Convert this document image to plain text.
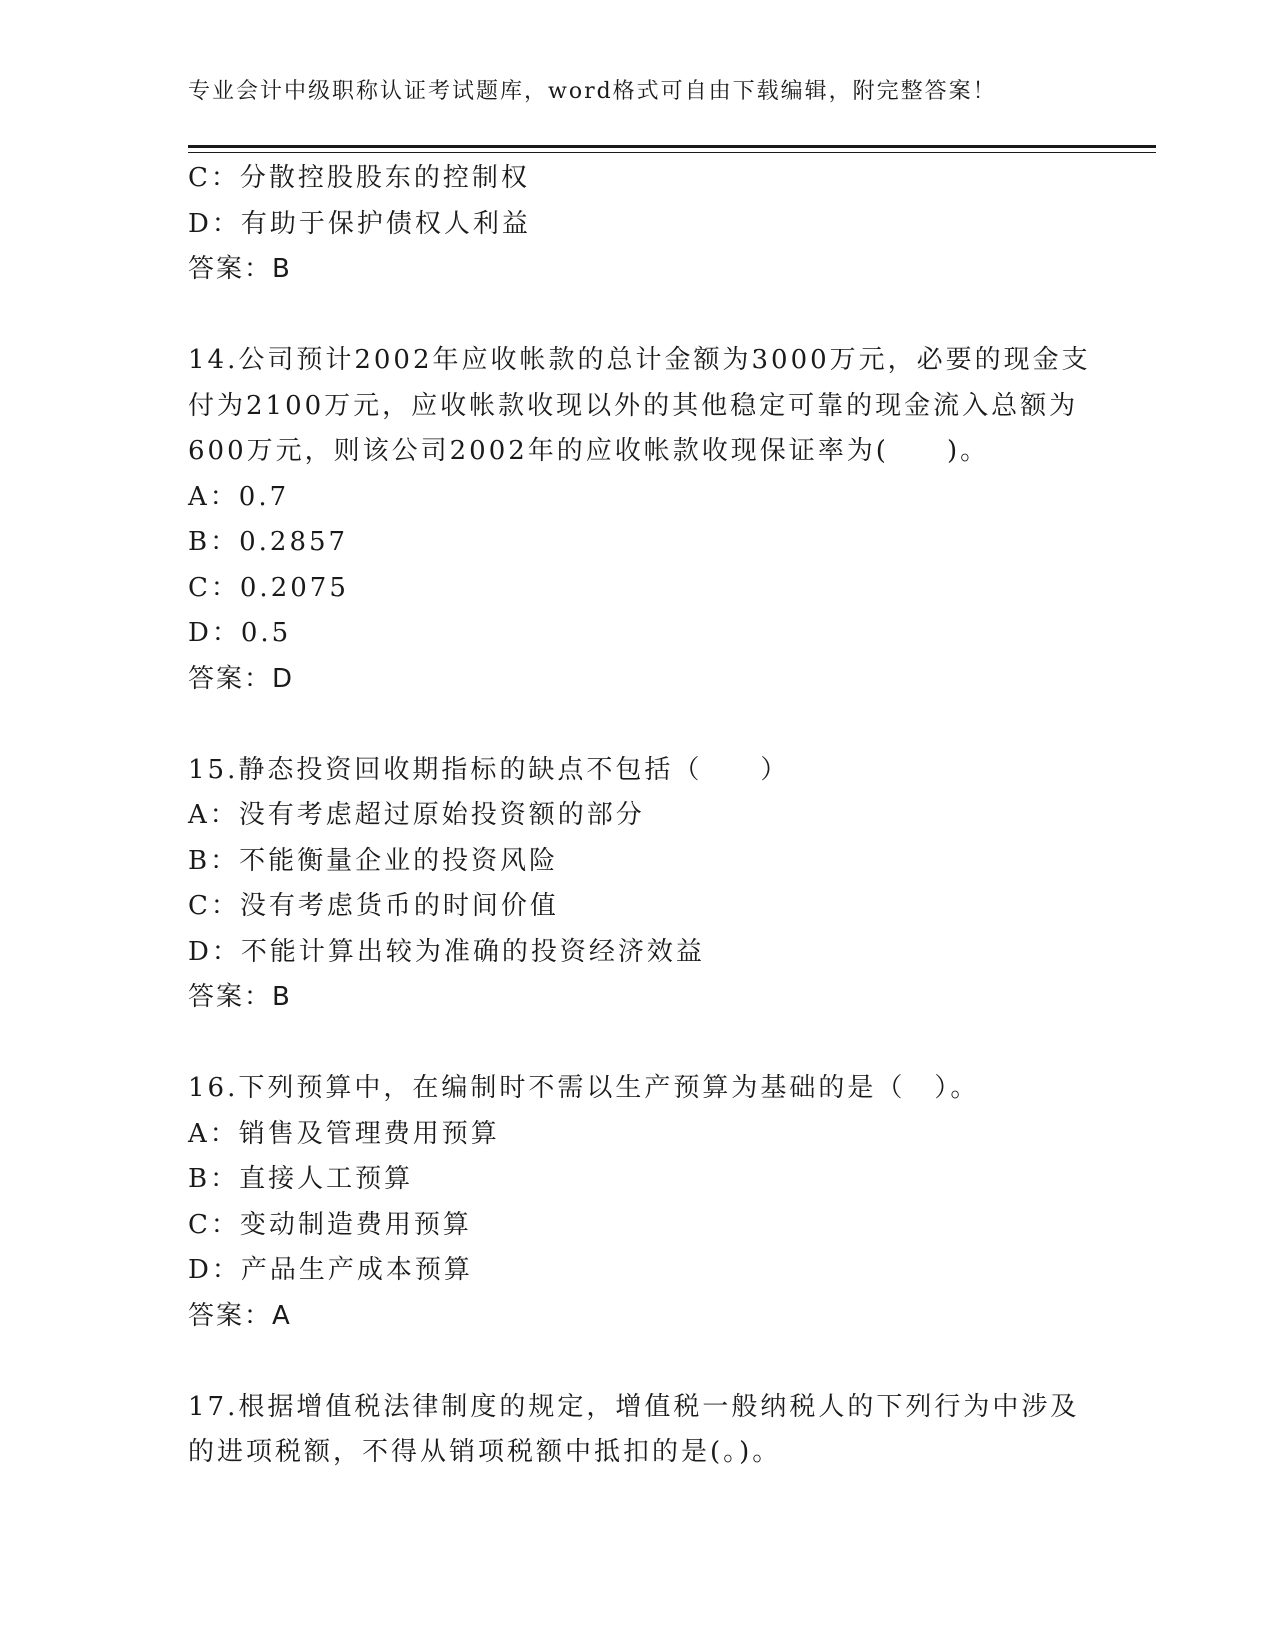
专业会计中级职称认证考试题库，word格式可自由下载编辑，附完整答案！
C：分散控股股东的控制权
D：有助于保护债权人利益
答案：B
14.公司预计2002年应收帐款的总计金额为3000万元，必要的现金支
付为2100万元，应收帐款收现以外的其他稳定可靠的现金流入总额为
600万元，则该公司2002年的应收帐款收现保证率为(　　)。
A：0.7
B：0.2857
C：0.2075
D：0.5
答案：D
15.静态投资回收期指标的缺点不包括（　　）
A：没有考虑超过原始投资额的部分
B：不能衡量企业的投资风险
C：没有考虑货币的时间价值
D：不能计算出较为准确的投资经济效益
答案：B
16.下列预算中，在编制时不需以生产预算为基础的是（　）。
A：销售及管理费用预算
B：直接人工预算
C：变动制造费用预算
D：产品生产成本预算
答案：A
17.根据增值税法律制度的规定，增值税一般纳税人的下列行为中涉及
的进项税额，不得从销项税额中抵扣的是(。)。
